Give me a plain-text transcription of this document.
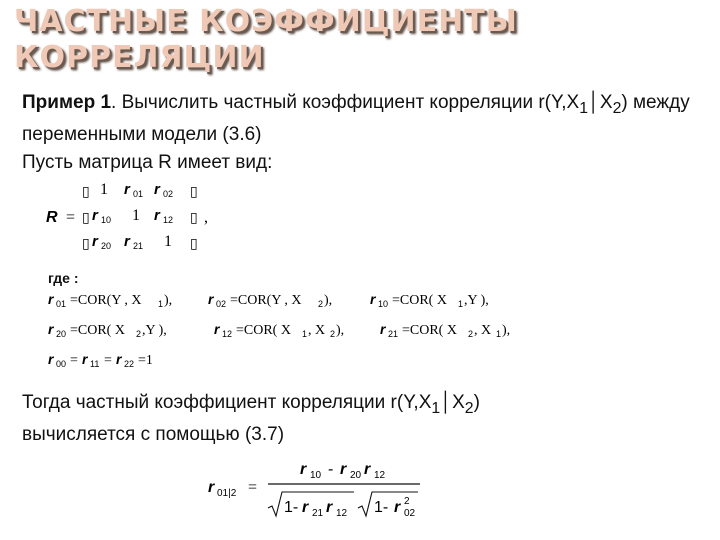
ЧАСТНЫЕ КОЭФФИЦИЕНТЫ КОРРЕЛЯЦИИ
Пример 1. Вычислить частный коэффициент корреляции $r(Y,X_1│X_2)$ между переменными модели (3.6)
Пусть матрица R имеет вид:
R =
▯
▯
▯
▯
▯
▯
,
1 r 01 r 02
r 10 1 r 12
r 20 r 21 1
где :
r 01 =COR(Y , X 1 ),	r 02 =COR(Y , X 2 ),	r 10 =COR( X 1 ,Y ),
r 20 =COR( X 2 ,Y ),	r 12 =COR( X 1 , X 2 ),	r 21 =COR( X 2 , X 1 ),
r 00 = r 11 = r 22 =1
Тогда частный коэффициент корреляции $r(Y,X_1│X_2)$
вычисляется с помощью (3.7)
r 01|2 =
r 10 - r 20 r 12
1- r 21 r 12 1- r 2
02
